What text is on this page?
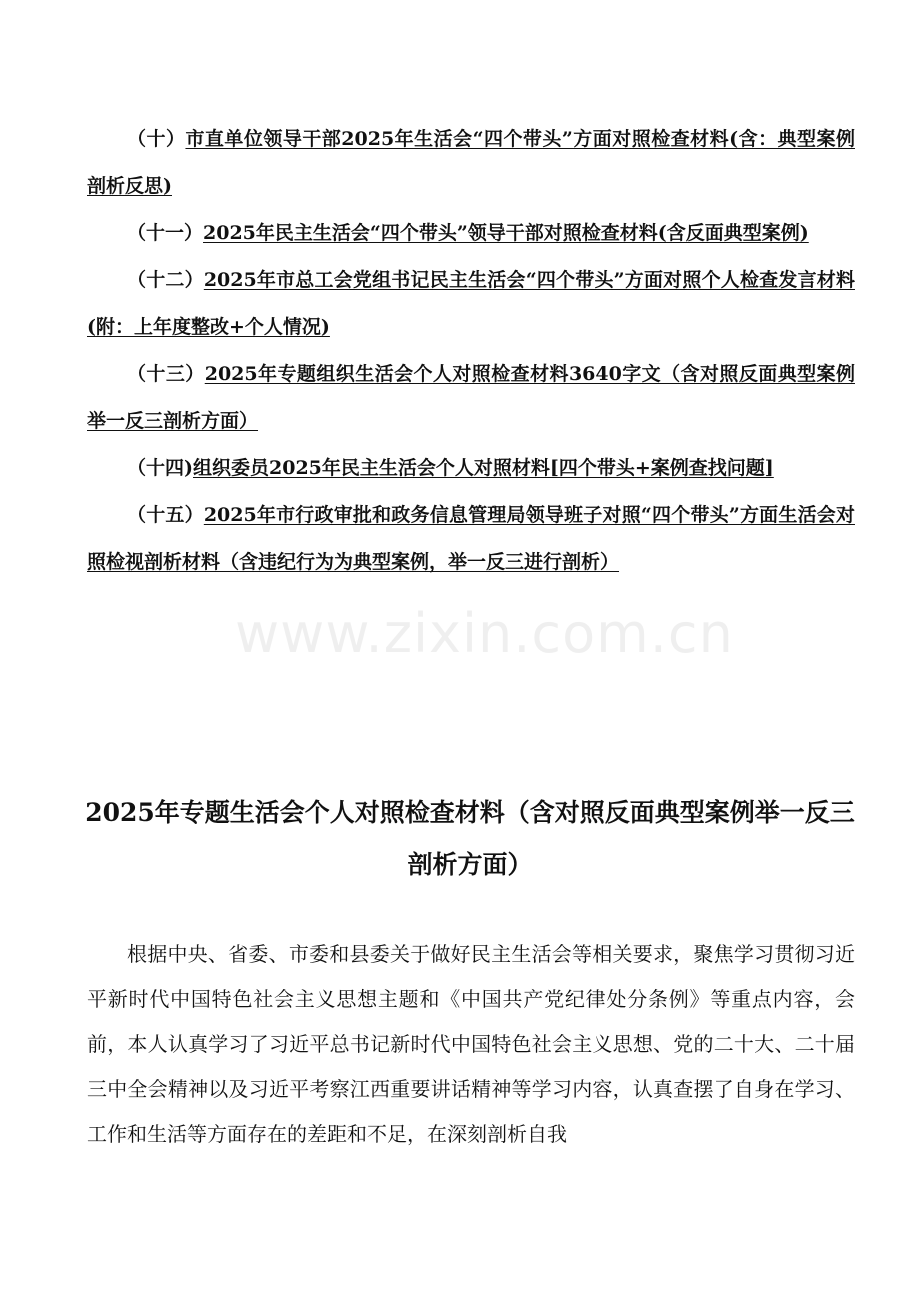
（十）市直单位领导干部2025年生活会“四个带头”方面对照检查材料(含：典型案例剖析反思)

（十一）2025年民主生活会“四个带头”领导干部对照检查材料(含反面典型案例)

（十二）2025年市总工会党组书记民主生活会“四个带头”方面对照个人检查发言材料(附：上年度整改+个人情况)

（十三）2025年专题组织生活会个人对照检查材料3640字文（含对照反面典型案例举一反三剖析方面）

（十四)组织委员2025年民主生活会个人对照材料[四个带头+案例查找问题]

（十五）2025年市行政审批和政务信息管理局领导班子对照“四个带头”方面生活会对照检视剖析材料（含违纪行为为典型案例，举一反三进行剖析）

www.zixin.com.cn
2025年专题生活会个人对照检查材料（含对照反面典型案例举一反三剖析方面）

根据中央、省委、市委和县委关于做好民主生活会等相关要求，聚焦学习贯彻习近平新时代中国特色社会主义思想主题和《中国共产党纪律处分条例》等重点内容，会前，本人认真学习了习近平总书记新时代中国特色社会主义思想、党的二十大、二十届三中全会精神以及习近平考察江西重要讲话精神等学习内容，认真查摆了自身在学习、工作和生活等方面存在的差距和不足，在深刻剖析自我
